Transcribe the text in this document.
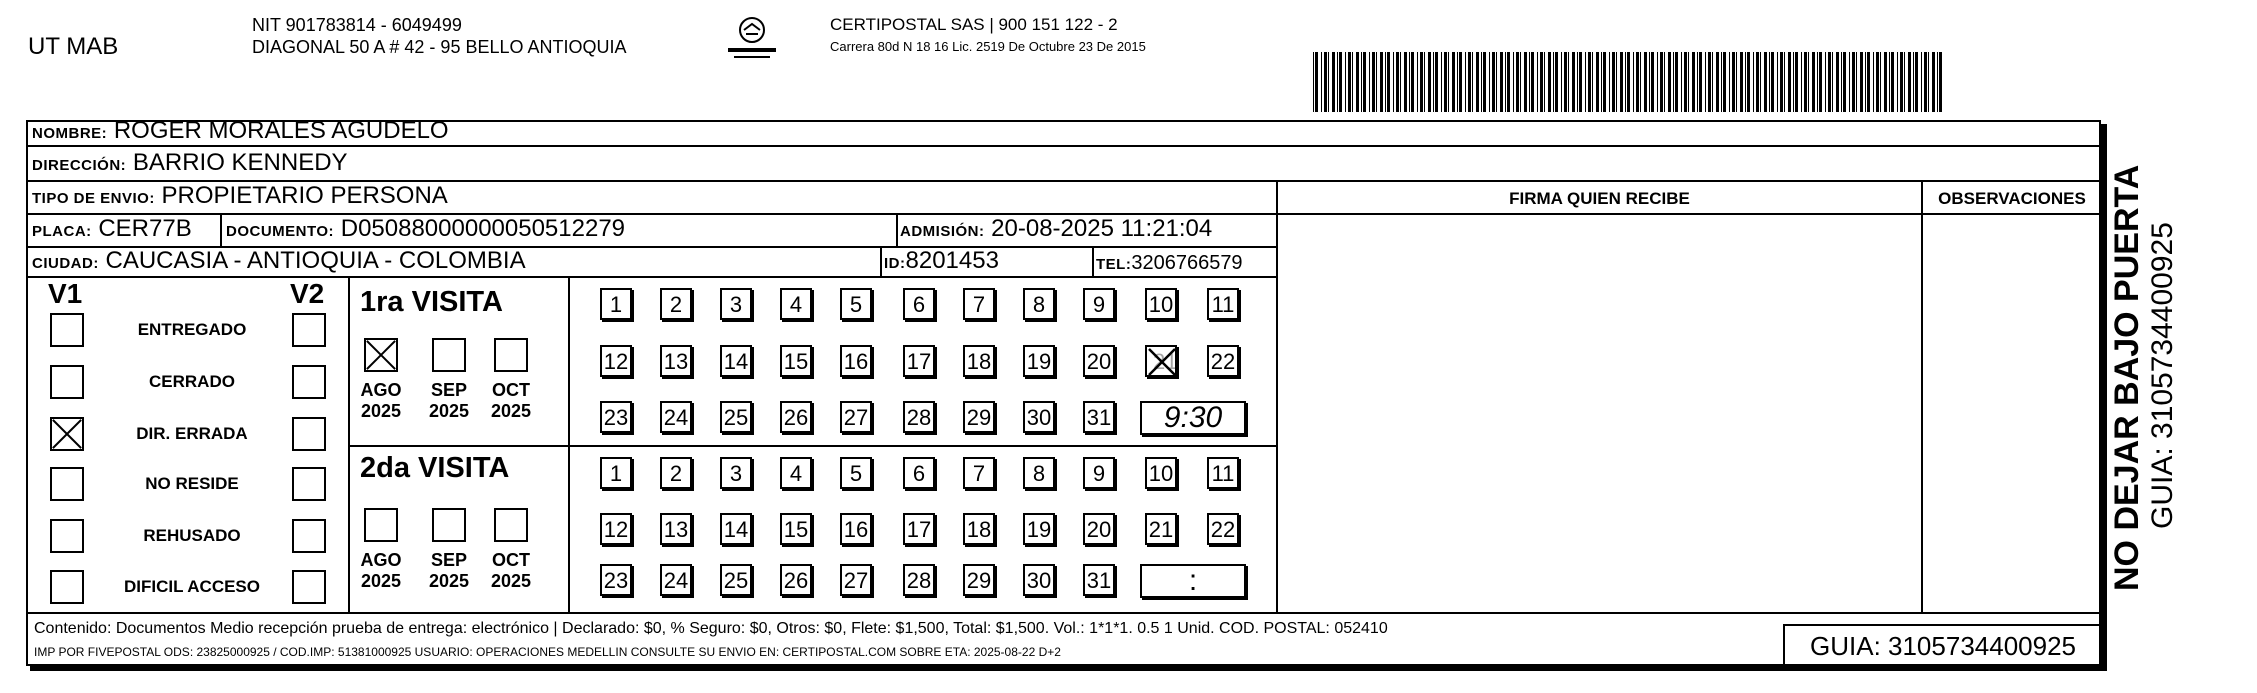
UT MAB
NIT 901783814 - 6049499
DIAGONAL 50 A # 42 - 95 BELLO ANTIOQUIA
CERTIPOSTAL SAS | 900 151 122 - 2
Carrera 80d N 18 16 Lic. 2519 De Octubre 23 De 2015
NOMBRE: ROGER MORALES AGUDELO
DIRECCIÓN: BARRIO KENNEDY
TIPO DE ENVIO: PROPIETARIO PERSONA
PLACA: CER77B DOCUMENTO: D05088000000050512279	ADMISIÓN: 20-08-2025 11:21:04
CIUDAD: CAUCASIA - ANTIOQUIA - COLOMBIA	ID:8201453	TEL:3206766579
FIRMA QUIEN RECIBE	OBSERVACIONES
V1	V2
ENTREGADO
CERRADO
DIR. ERRADA
NO RESIDE
REHUSADO
DIFICIL ACCESO
1ra VISITA
2da VISITA
AGO
2025
SEP
2025
OCT
2025
1	2	3	4	5	6	7	8	9	10 11
12 13 14 15 16 17 18 19 20 21 22
23 24 25 26 27 28 29 30 31	9:30
AGO
2025
SEP
2025
OCT
2025
1	2	3	4	5	6	7	8	9	10 11
12 13 14 15 16 17 18 19 20 21 22
23 24 25 26 27 28 29 30 31	:
Contenido: Documentos Medio recepción prueba de entrega: electrónico | Declarado: $0, % Seguro: $0, Otros: $0, Flete: $1,500, Total: $1,500. Vol.: 1*1*1. 0.5 1 Unid. COD. POSTAL: 052410
IMP POR FIVEPOSTAL ODS: 23825000925 / COD.IMP: 51381000925 USUARIO: OPERACIONES MEDELLIN CONSULTE SU ENVIO EN: CERTIPOSTAL.COM SOBRE ETA: 2025-08-22 D+2	GUIA: 3105734400925
NO DEJAR BAJO PUERTA GUIA: 3105734400925
